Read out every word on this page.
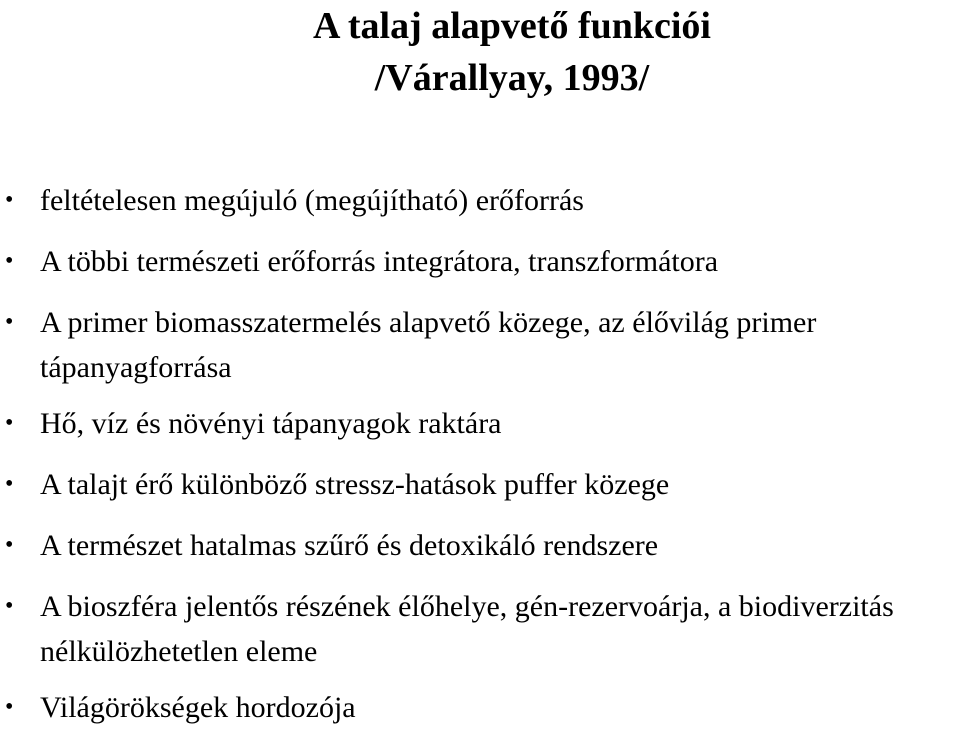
A talaj alapvető funkciói
/Várallyay, 1993/
• feltételesen megújuló (megújítható) erőforrás
• A többi természeti erőforrás integrátora, transzformátora
• A primer biomasszatermelés alapvető közege, az élővilág primer tápanyagforrása
• Hő, víz és növényi tápanyagok raktára
• A talajt érő különböző stressz-hatások puffer közege
• A természet hatalmas szűrő és detoxikáló rendszere
• A bioszféra jelentős részének élőhelye, gén-rezervoárja, a biodiverzitás nélkülözhetetlen eleme
• Világörökségek hordozója
